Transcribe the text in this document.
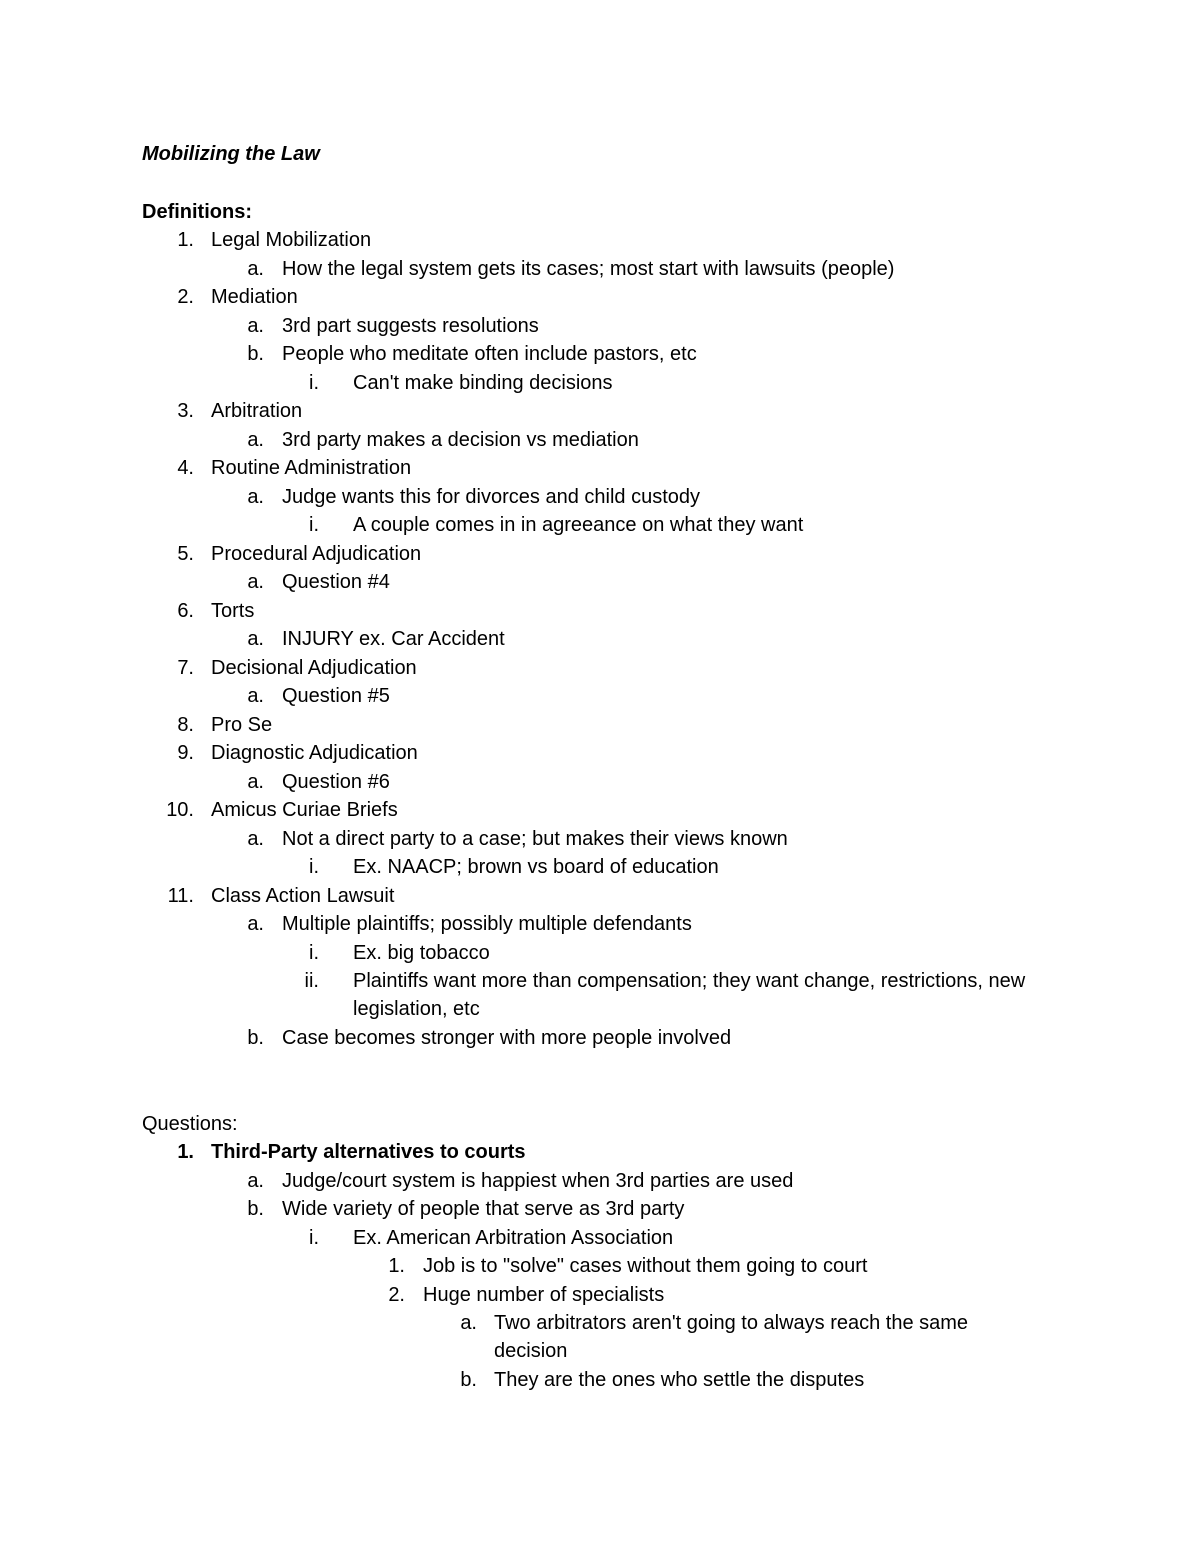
Mobilizing the Law
Definitions:
1. Legal Mobilization
a. How the legal system gets its cases; most start with lawsuits (people)
2. Mediation
a. 3rd part suggests resolutions
b. People who meditate often include pastors, etc
i. Can't make binding decisions
3. Arbitration
a. 3rd party makes a decision vs mediation
4. Routine Administration
a. Judge wants this for divorces and child custody
i. A couple comes in in agreeance on what they want
5. Procedural Adjudication
a. Question #4
6. Torts
a. INJURY ex. Car Accident
7. Decisional Adjudication
a. Question #5
8. Pro Se
9. Diagnostic Adjudication
a. Question #6
10. Amicus Curiae Briefs
a. Not a direct party to a case; but makes their views known
i. Ex. NAACP; brown vs board of education
11. Class Action Lawsuit
a. Multiple plaintiffs; possibly multiple defendants
i. Ex. big tobacco
ii. Plaintiffs want more than compensation; they want change, restrictions, new legislation, etc
b. Case becomes stronger with more people involved
Questions:
1. Third-Party alternatives to courts
a. Judge/court system is happiest when 3rd parties are used
b. Wide variety of people that serve as 3rd party
i. Ex. American Arbitration Association
1. Job is to "solve" cases without them going to court
2. Huge number of specialists
a. Two arbitrators aren't going to always reach the same decision
b. They are the ones who settle the disputes
